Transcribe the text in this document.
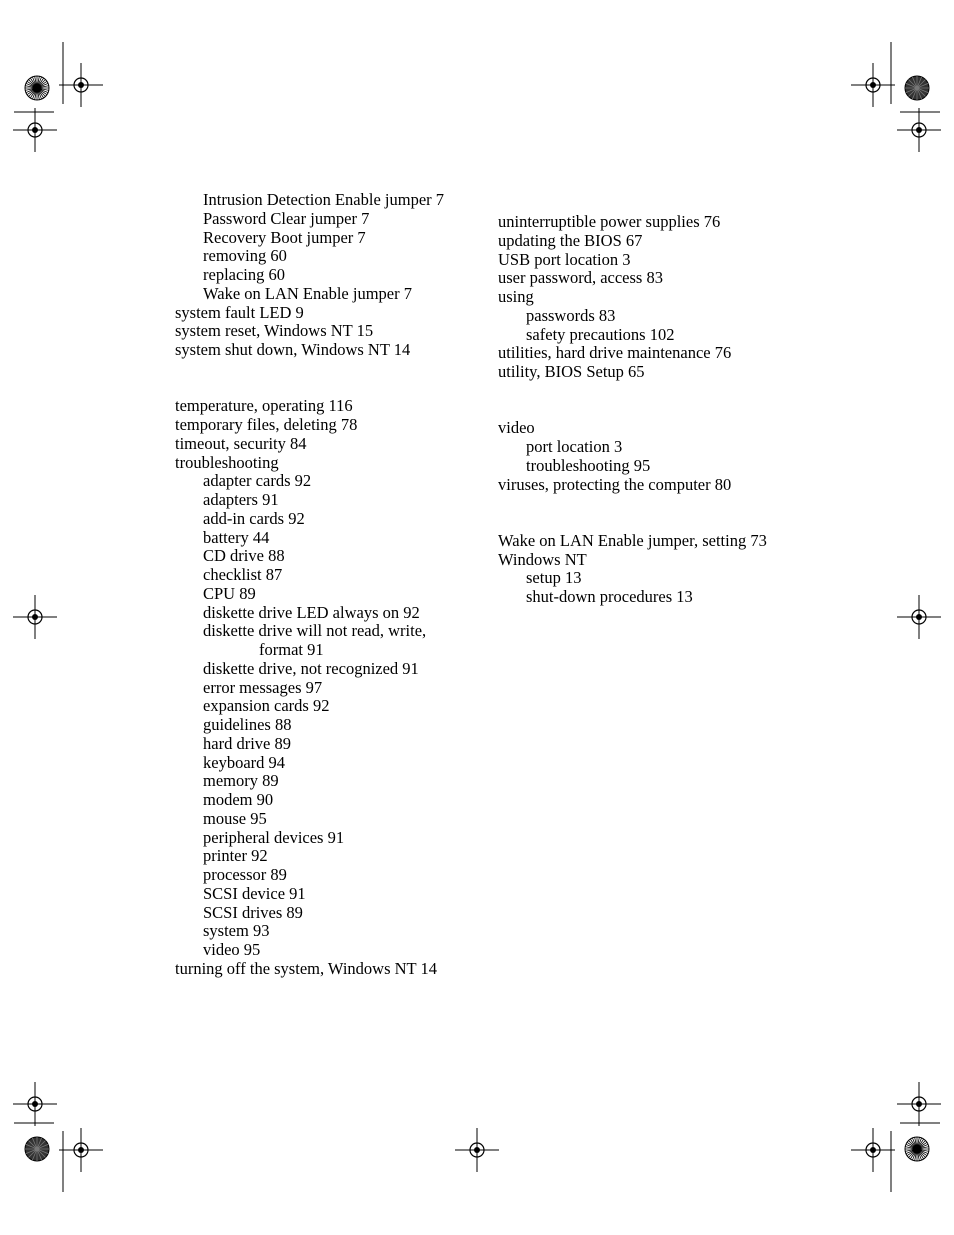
Intrusion Detection Enable jumper 7
Password Clear jumper 7
Recovery Boot jumper 7
removing 60
replacing 60
Wake on LAN Enable jumper 7
system fault LED 9
system reset, Windows NT 15
system shut down, Windows NT 14
temperature, operating 116
temporary files, deleting 78
timeout, security 84
troubleshooting
adapter cards 92
adapters 91
add-in cards 92
battery 44
CD drive 88
checklist 87
CPU 89
diskette drive LED always on 92
diskette drive will not read, write,
format 91
diskette drive, not recognized 91
error messages 97
expansion cards 92
guidelines 88
hard drive 89
keyboard 94
memory 89
modem 90
mouse 95
peripheral devices 91
printer 92
processor 89
SCSI device 91
SCSI drives 89
system 93
video 95
turning off the system, Windows NT 14
uninterruptible power supplies 76
updating the BIOS 67
USB port location 3
user password, access 83
using
passwords 83
safety precautions 102
utilities, hard drive maintenance 76
utility, BIOS Setup 65
video
port location 3
troubleshooting 95
viruses, protecting the computer 80
Wake on LAN Enable jumper, setting 73
Windows NT
setup 13
shut-down procedures 13
